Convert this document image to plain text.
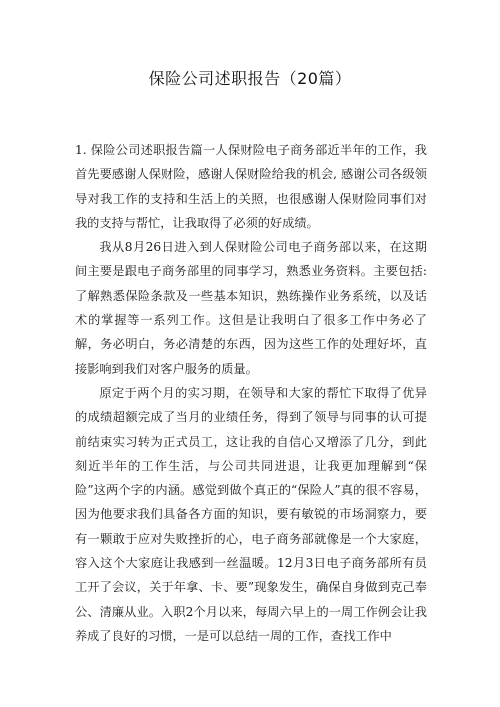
保险公司述职报告（20篇）

1. 保险公司述职报告篇一人保财险电子商务部近半年的工作，我首先要感谢人保财险，感谢人保财险给我的机会, 感谢公司各级领导对我工作的支持和生活上的关照，也很感谢人保财险同事们对我的支持与帮忙，让我取得了必须的好成绩。

我从8月26日进入到人保财险公司电子商务部以来，在这期间主要是跟电子商务部里的同事学习，熟悉业务资料。主要包括: 了解熟悉保险条款及一些基本知识，熟练操作业务系统，以及话术的掌握等一系列工作。这但是让我明白了很多工作中务必了解，务必明白，务必清楚的东西，因为这些工作的处理好坏，直接影响到我们对客户服务的质量。

原定于两个月的实习期，在领导和大家的帮忙下取得了优异的成绩超额完成了当月的业绩任务，得到了领导与同事的认可提前结束实习转为正式员工，这让我的自信心又增添了几分，到此刻近半年的工作生活，与公司共同进退，让我更加理解到“保险”这两个字的内涵。感觉到做个真正的“保险人”真的很不容易，因为他要求我们具备各方面的知识，要有敏锐的市场洞察力，要有一颗敢于应对失败挫折的心，电子商务部就像是一个大家庭，容入这个大家庭让我感到一丝温暖。12月3日电子商务部所有员工开了会议，关于年拿、卡、要”现象发生，确保自身做到克己奉公、清廉从业。入职2个月以来，每周六早上的一周工作例会让我养成了良好的习惯，一是可以总结一周的工作，查找工作中
